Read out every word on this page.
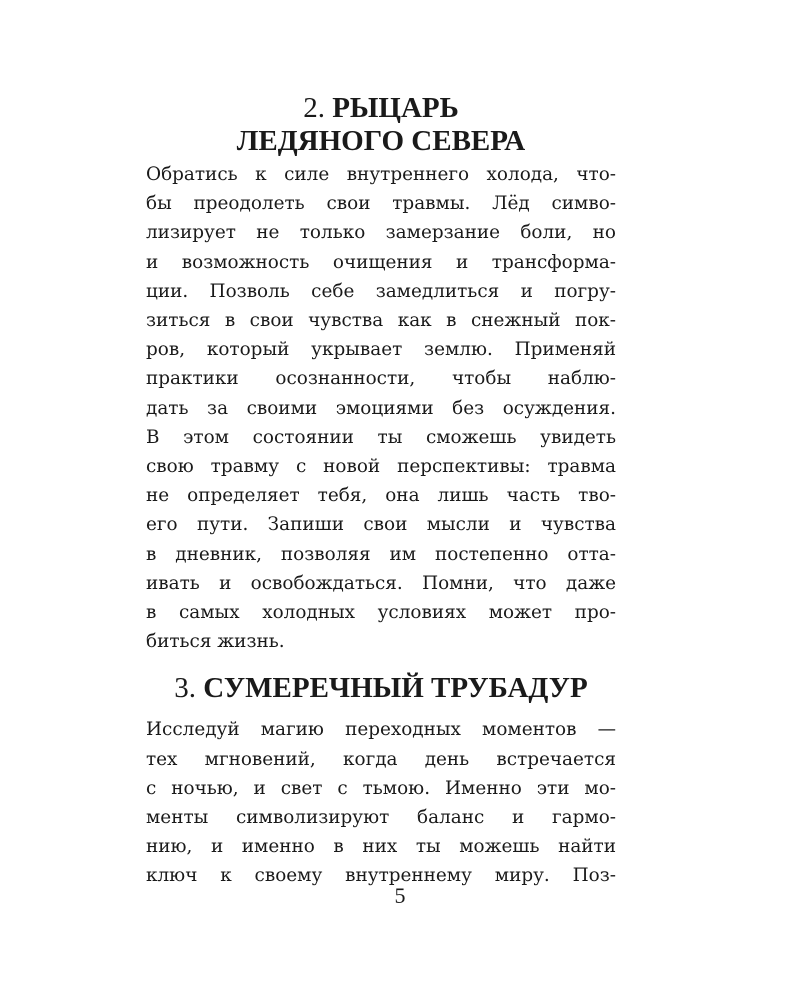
2. РЫЦАРЬ
ЛЕДЯНОГО СЕВЕРА

Обратись к силе внутреннего холода, что-
бы преодолеть свои травмы. Лёд симво-
лизирует не только замерзание боли, но
и возможность очищения и трансформа-
ции. Позволь себе замедлиться и погру-
зиться в свои чувства как в снежный пок-
ров, который укрывает землю. Применяй
практики осознанности, чтобы наблю-
дать за своими эмоциями без осуждения.
В этом состоянии ты сможешь увидеть
свою травму с новой перспективы: травма
не определяет тебя, она лишь часть тво-
его пути. Запиши свои мысли и чувства
в дневник, позволяя им постепенно отта-
ивать и освобождаться. Помни, что даже
в самых холодных условиях может про-
биться жизнь.

3. СУМЕРЕЧНЫЙ ТРУБАДУР

Исследуй магию переходных моментов —
тех мгновений, когда день встречается
с ночью, и свет с тьмою. Именно эти мо-
менты символизируют баланс и гармо-
нию, и именно в них ты можешь найти
ключ к своему внутреннему миру. Поз-

5
